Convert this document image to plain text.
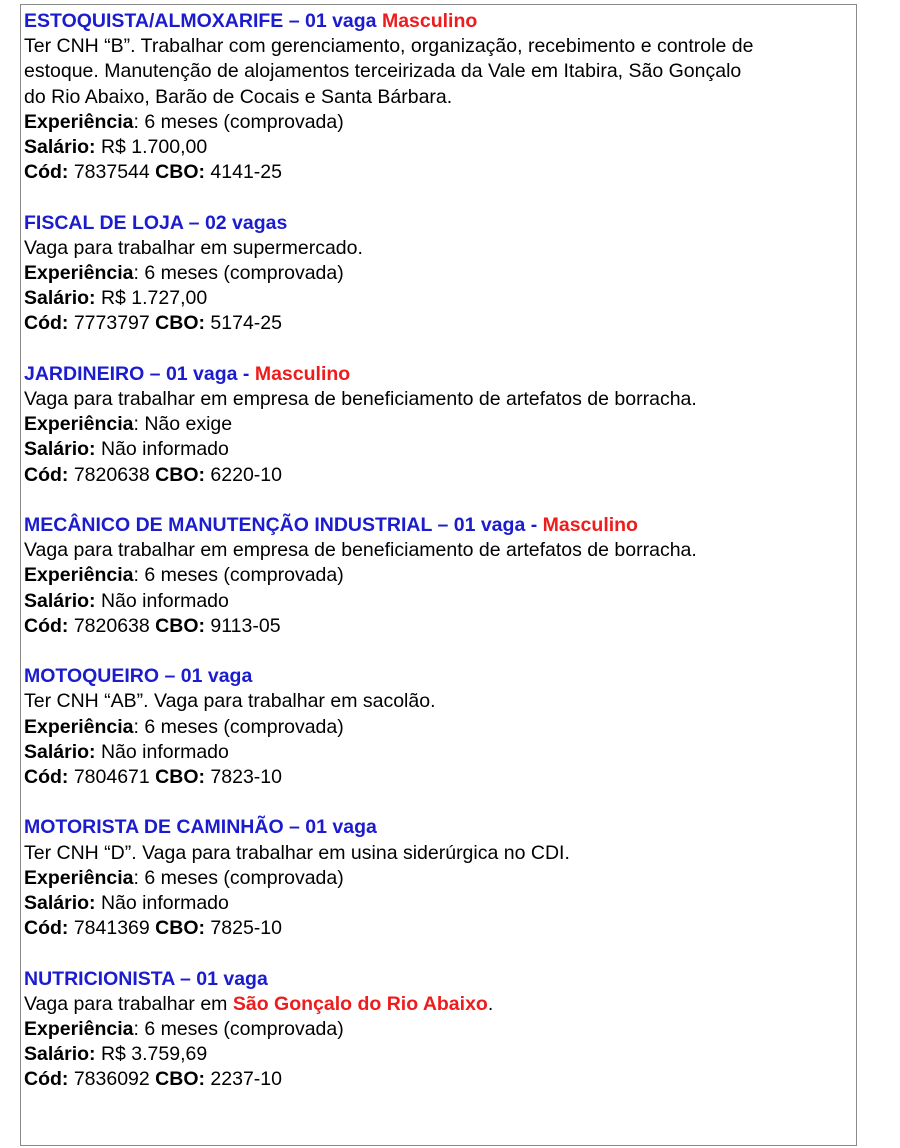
ESTOQUISTA/ALMOXARIFE – 01 vaga Masculino
Ter CNH “B”. Trabalhar com gerenciamento, organização, recebimento e controle de
estoque. Manutenção de alojamentos terceirizada da Vale em Itabira, São Gonçalo
do Rio Abaixo, Barão de Cocais e Santa Bárbara.
Experiência: 6 meses (comprovada)
Salário: R$ 1.700,00
Cód: 7837544 CBO: 4141-25
FISCAL DE LOJA – 02 vagas
Vaga para trabalhar em supermercado.
Experiência: 6 meses (comprovada)
Salário: R$ 1.727,00
Cód: 7773797 CBO: 5174-25
JARDINEIRO – 01 vaga - Masculino
Vaga para trabalhar em empresa de beneficiamento de artefatos de borracha.
Experiência: Não exige
Salário: Não informado
Cód: 7820638 CBO: 6220-10
MECÂNICO DE MANUTENÇÃO INDUSTRIAL – 01 vaga - Masculino
Vaga para trabalhar em empresa de beneficiamento de artefatos de borracha.
Experiência: 6 meses (comprovada)
Salário: Não informado
Cód: 7820638 CBO: 9113-05
MOTOQUEIRO – 01 vaga
Ter CNH “AB”. Vaga para trabalhar em sacolão.
Experiência: 6 meses (comprovada)
Salário: Não informado
Cód: 7804671 CBO: 7823-10
MOTORISTA DE CAMINHÃO – 01 vaga
Ter CNH “D”. Vaga para trabalhar em usina siderúrgica no CDI.
Experiência: 6 meses (comprovada)
Salário: Não informado
Cód: 7841369 CBO: 7825-10
NUTRICIONISTA – 01 vaga
Vaga para trabalhar em São Gonçalo do Rio Abaixo.
Experiência: 6 meses (comprovada)
Salário: R$ 3.759,69
Cód: 7836092 CBO: 2237-10
